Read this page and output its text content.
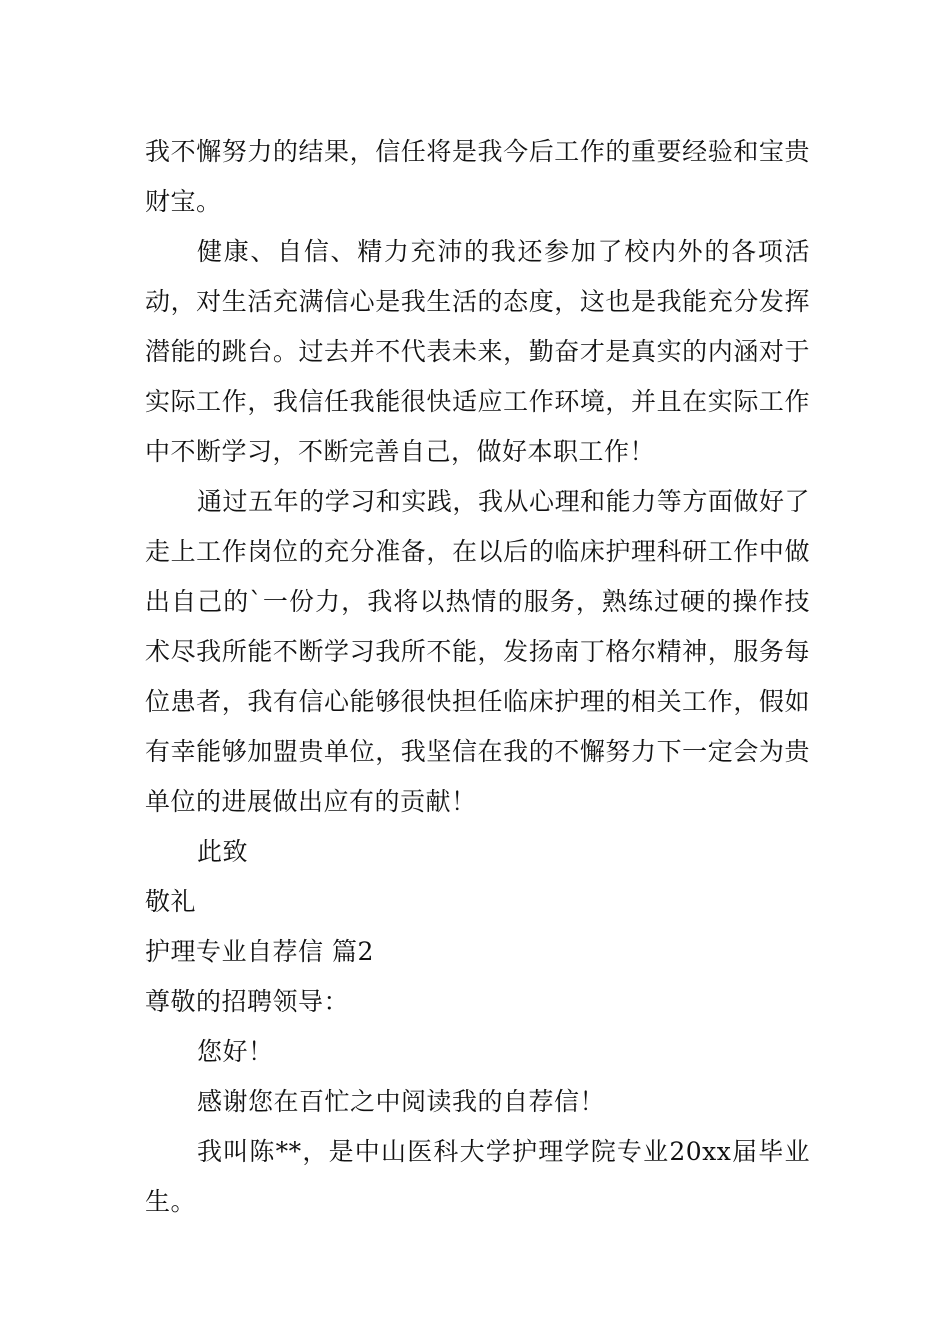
我不懈努力的结果，信任将是我今后工作的重要经验和宝贵财宝。

健康、自信、精力充沛的我还参加了校内外的各项活动，对生活充满信心是我生活的态度，这也是我能充分发挥潜能的跳台。过去并不代表未来，勤奋才是真实的内涵对于实际工作，我信任我能很快适应工作环境，并且在实际工作中不断学习，不断完善自己，做好本职工作！

通过五年的学习和实践，我从心理和能力等方面做好了走上工作岗位的充分准备，在以后的临床护理科研工作中做出自己的`一份力，我将以热情的服务，熟练过硬的操作技术尽我所能不断学习我所不能，发扬南丁格尔精神，服务每位患者，我有信心能够很快担任临床护理的相关工作，假如有幸能够加盟贵单位，我坚信在我的不懈努力下一定会为贵单位的进展做出应有的贡献！

此致

敬礼

护理专业自荐信 篇2

尊敬的招聘领导：

您好！

感谢您在百忙之中阅读我的自荐信！

我叫陈**，是中山医科大学护理学院专业20xx届毕业生。
